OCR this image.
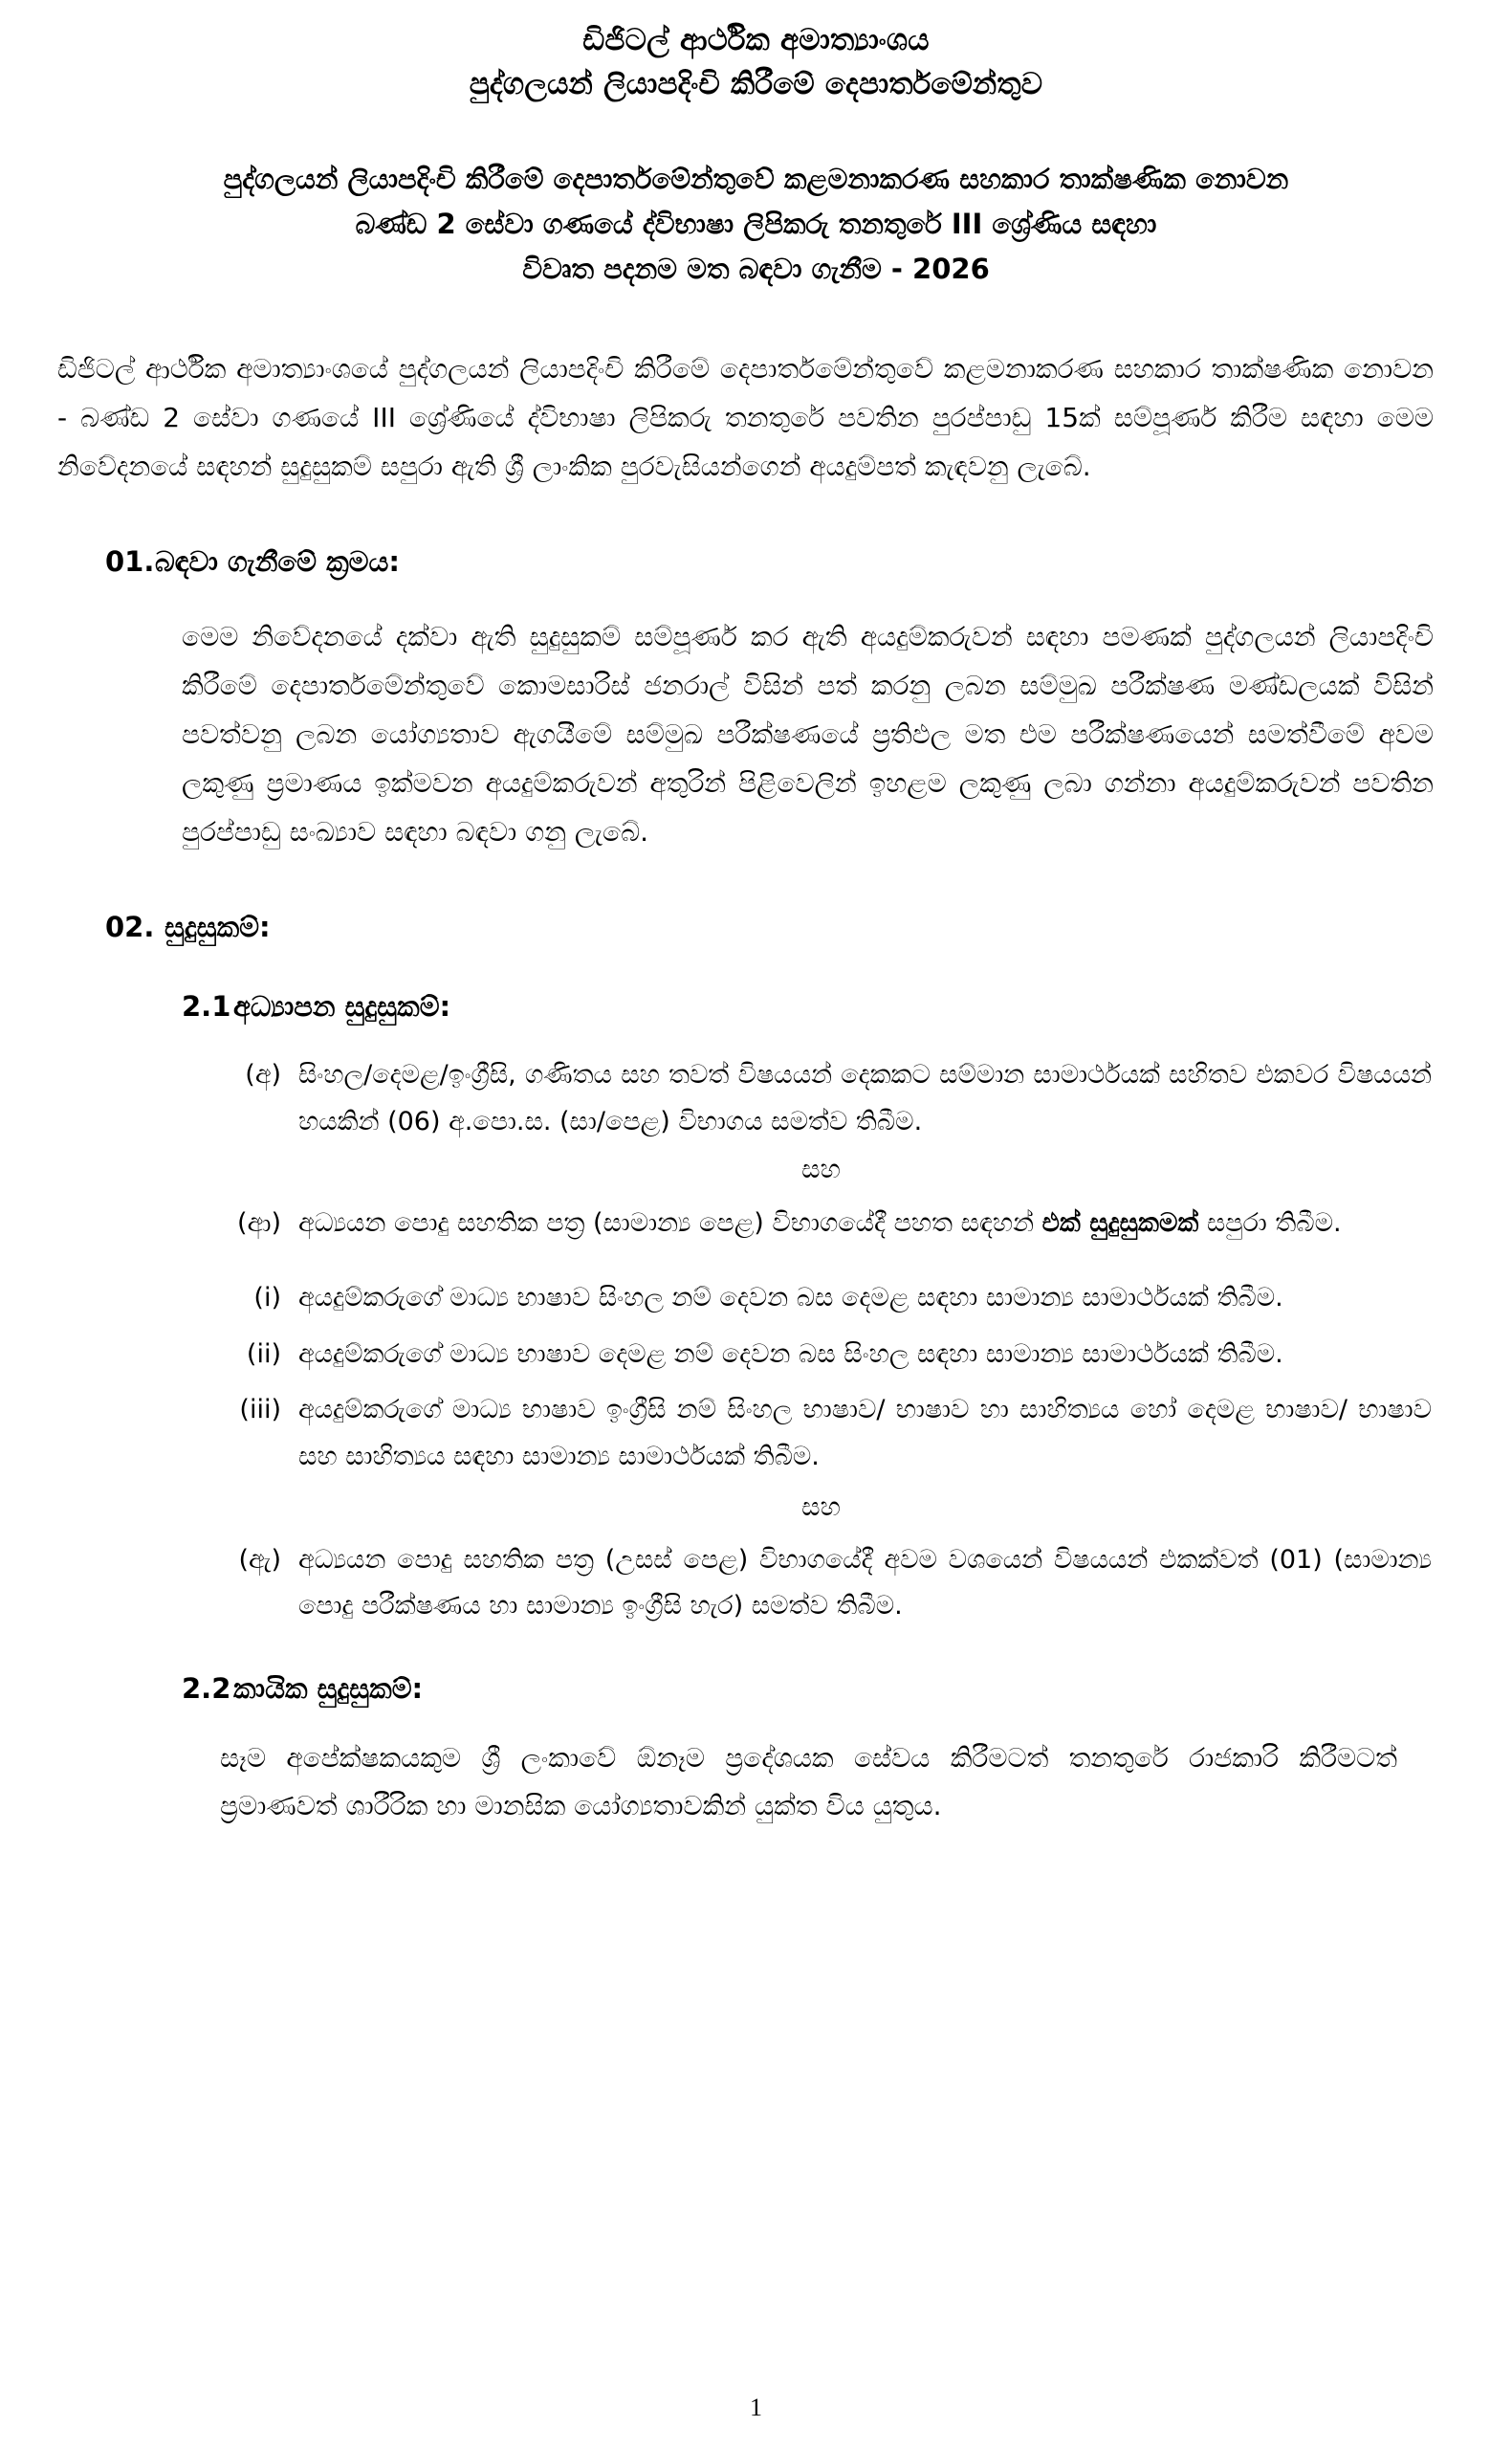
ඩිජිටල් ආර්ථික අමාත්‍යාංශය
පුද්ගලයන් ලියාපදිංචි කිරීමේ දෙපාර්තමේන්තුව
පුද්ගලයන් ලියාපදිංචි කිරීමේ දෙපාර්තමේන්තුවේ කළමනාකරණ සහකාර තාක්ෂණික නොවන
බණ්ඩ 2 සේවා ගණයේ ද්විභාෂා ලිපිකරු තනතුරේ III ශ්‍රේණිය සඳහා
විවෘත පදනම මත බඳවා ගැනීම - 2026

ඩිජිටල් ආර්ථික අමාත්‍යාංශයේ පුද්ගලයන් ලියාපදිංචි කිරීමේ දෙපාර්තමේන්තුවේ කළමනාකරණ සහකාර තාක්ෂණික නොවන - බණ්ඩ 2 සේවා ගණයේ III ශ්‍රේණියේ ද්විභාෂා ලිපිකරු තනතුරේ පවතින පුරප්පාඩු 15ක් සම්පූර්ණ කිරීම සඳහා මෙම නිවේදනයේ සඳහන් සුදුසුකම් සපුරා ඇති ශ්‍රී ලාංකික පුරවැසියන්ගෙන් අයදුම්පත් කැඳවනු ලැබේ.

01. බඳවා ගැනීමේ ක්‍රමය:

මෙම නිවේදනයේ දක්වා ඇති සුදුසුකම් සම්පූර්ණ කර ඇති අයදුම්කරුවන් සඳහා පමණක් පුද්ගලයන් ලියාපදිංචි කිරීමේ දෙපාර්තමේන්තුවේ කොමසාරිස් ජනරාල් විසින් පත් කරනු ලබන සම්මුඛ පරීක්ෂණ මණ්ඩලයක් විසින් පවත්වනු ලබන යෝග්‍යතාව ඇගයීමේ සම්මුඛ පරීක්ෂණයේ ප්‍රතිඵල මත එම පරීක්ෂණයෙන් සමත්වීමේ අවම ලකුණු ප්‍රමාණය ඉක්මවන අයදුම්කරුවන් අතුරින් පිළිවෙලින් ඉහළම ලකුණු ලබා ගන්නා අයදුම්කරුවන් පවතින පුරප්පාඩු සංඛ්‍යාව සඳහා බඳවා ගනු ලැබේ.

02. සුදුසුකම්:
2.1 අධ්‍යාපන සුදුසුකම්:
(අ) සිංහල/දෙමළ/ඉංග්‍රීසි, ගණිතය සහ තවත් විෂයයන් දෙකකට සම්මාන සාමාර්ථයක් සහිතව එකවර විෂයයන් හයකින් (06) අ.පො.ස. (සා/පෙළ) විභාගය සමත්ව තිබීම.
සහ
(ආ) අධ්‍යයන පොදු සහතික පත්‍ර (සාමාන්‍ය පෙළ) විභාගයේදී පහත සඳහන් එක් සුදුසුකමක් සපුරා තිබීම.
(i) අයදුම්කරුගේ මාධ්‍ය භාෂාව සිංහල නම් දෙවන බස දෙමළ සඳහා සාමාන්‍ය සාමාර්ථයක් තිබීම.
(ii) අයදුම්කරුගේ මාධ්‍ය භාෂාව දෙමළ නම් දෙවන බස සිංහල සඳහා සාමාන්‍ය සාමාර්ථයක් තිබීම.
(iii) අයදුම්කරුගේ මාධ්‍ය භාෂාව ඉංග්‍රීසි නම් සිංහල භාෂාව/ භාෂාව හා සාහිත්‍යය හෝ දෙමළ භාෂාව/ භාෂාව සහ සාහිත්‍යය සඳහා සාමාන්‍ය සාමාර්ථයක් තිබීම.
සහ
(ඇ) අධ්‍යයන පොදු සහතික පත්‍ර (උසස් පෙළ) විභාගයේදී අවම වශයෙන් විෂයයන් එකක්වත් (01) (සාමාන්‍ය පොදු පරීක්ෂණය හා සාමාන්‍ය ඉංග්‍රීසි හැර) සමත්ව තිබීම.
2.2 කායික සුදුසුකම්:

සෑම අපේක්ෂකයකුම ශ්‍රී ලංකාවේ ඕනෑම ප්‍රදේශයක සේවය කිරීමටත් තනතුරේ රාජකාරි කිරීමටත් ප්‍රමාණවත් ශාරීරික හා මානසික යෝග්‍යතාවකින් යුක්ත විය යුතුය.

1
